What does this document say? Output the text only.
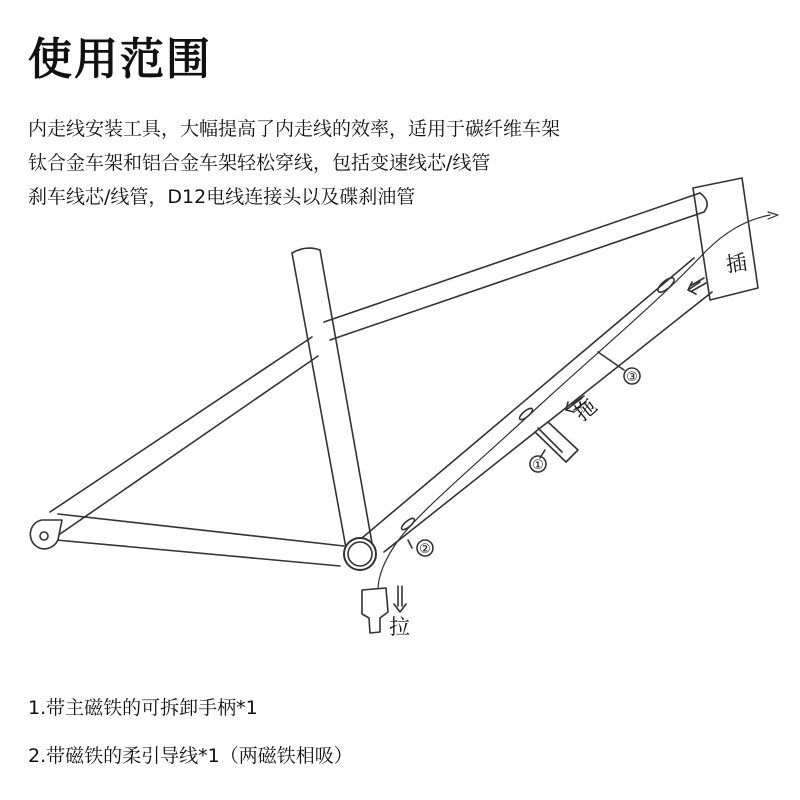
使用范围
内走线安装工具，大幅提高了内走线的效率，适用于碳纤维车架
钛合金车架和铝合金车架轻松穿线，包括变速线芯/线管
刹车线芯/线管，D12电线连接头以及碟刹油管
①
②
③
插
拖
拉
1.带主磁铁的可拆卸手柄*1
2.带磁铁的柔引导线*1（两磁铁相吸）
